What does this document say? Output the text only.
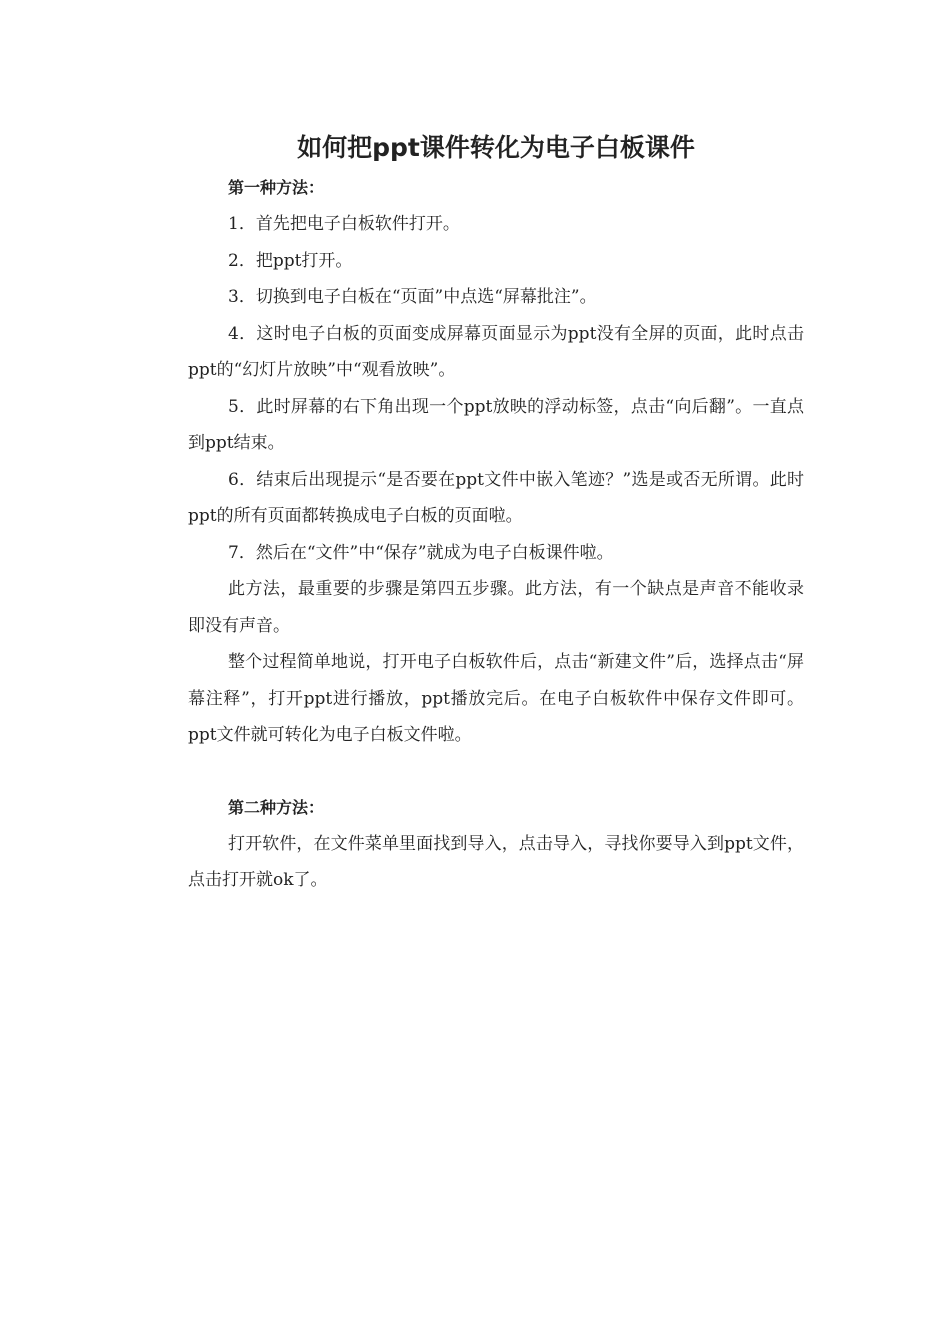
如何把ppt课件转化为电子白板课件

第一种方法：

1．首先把电子白板软件打开。

2．把ppt打开。

3．切换到电子白板在“页面”中点选“屏幕批注”。

4．这时电子白板的页面变成屏幕页面显示为ppt没有全屏的页面，此时点击ppt的“幻灯片放映”中“观看放映”。

5．此时屏幕的右下角出现一个ppt放映的浮动标签，点击“向后翻”。一直点到ppt结束。

6．结束后出现提示“是否要在ppt文件中嵌入笔迹？”选是或否无所谓。此时ppt的所有页面都转换成电子白板的页面啦。

7．然后在“文件”中“保存”就成为电子白板课件啦。

此方法，最重要的步骤是第四五步骤。此方法，有一个缺点是声音不能收录即没有声音。

整个过程简单地说，打开电子白板软件后，点击“新建文件”后，选择点击“屏幕注释”，打开ppt进行播放，ppt播放完后。在电子白板软件中保存文件即可。ppt文件就可转化为电子白板文件啦。

第二种方法：

打开软件，在文件菜单里面找到导入，点击导入，寻找你要导入到ppt文件，点击打开就ok了。
